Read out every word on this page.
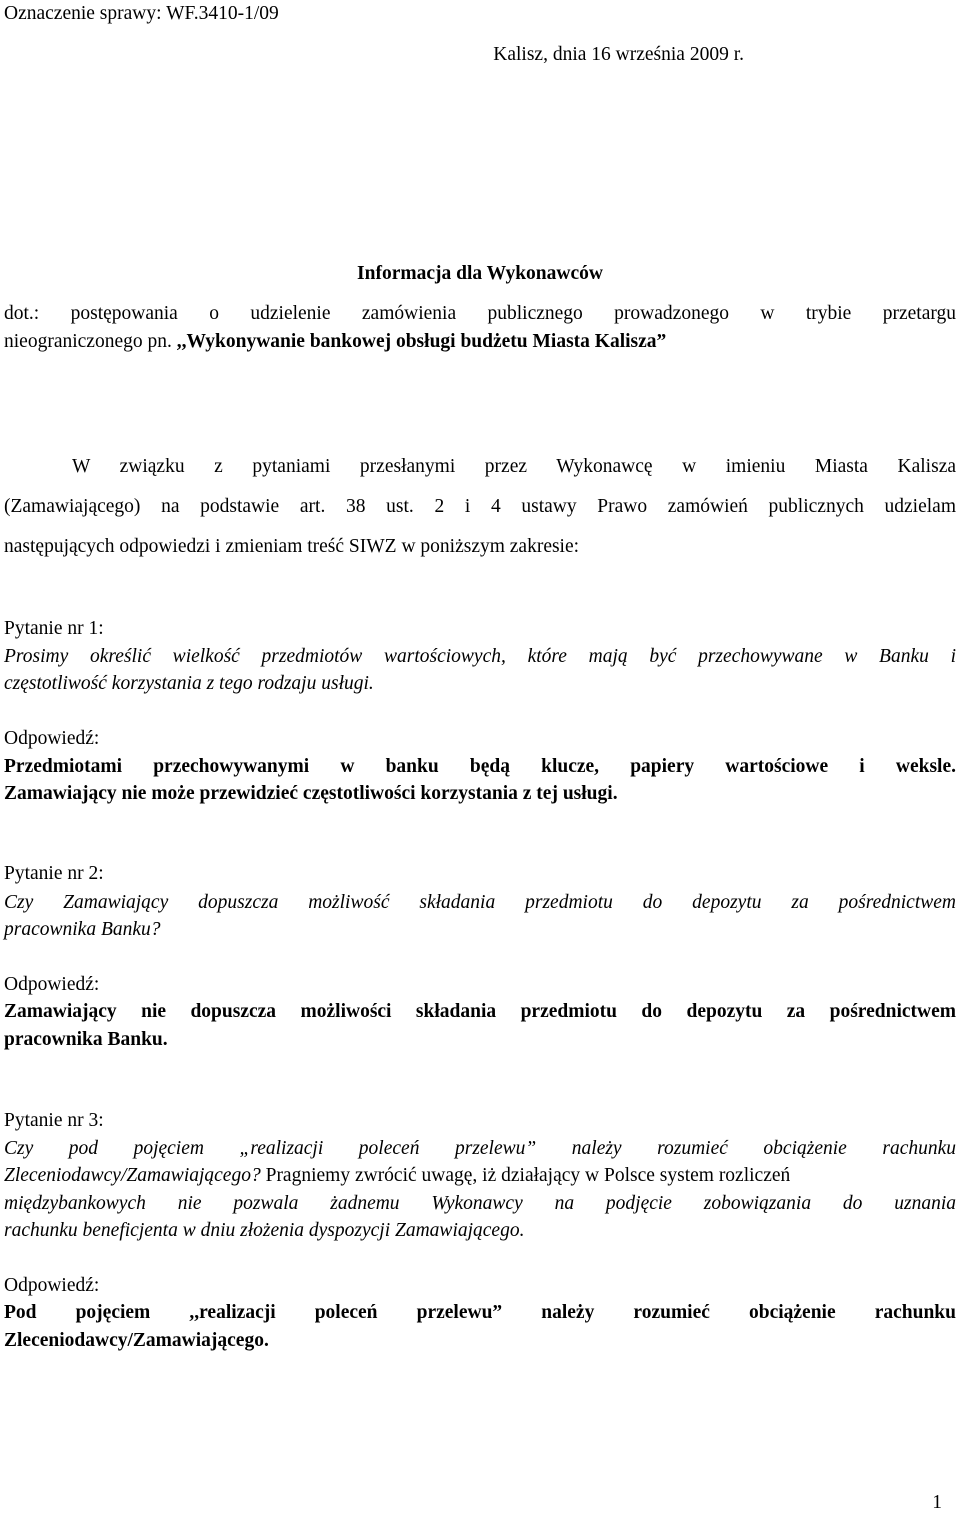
Oznaczenie sprawy: WF.3410-1/09
Kalisz, dnia 16 września 2009 r.
Informacja dla Wykonawców
dot.: postępowania o udzielenie zamówienia publicznego prowadzonego w trybie przetargu
nieograniczonego pn. ,,Wykonywanie bankowej obsługi budżetu Miasta Kalisza”
W związku z pytaniami przesłanymi przez Wykonawcę w imieniu Miasta Kalisza
(Zamawiającego) na podstawie art. 38 ust. 2 i 4 ustawy Prawo zamówień publicznych udzielam
następujących odpowiedzi i zmieniam treść SIWZ w poniższym zakresie:
Pytanie nr 1:
Prosimy określić wielkość przedmiotów wartościowych, które mają być przechowywane w Banku i
częstotliwość korzystania z tego rodzaju usługi.
Odpowiedź:
Przedmiotami przechowywanymi w banku będą klucze, papiery wartościowe i weksle.
Zamawiający nie może przewidzieć częstotliwości korzystania z tej usługi.
Pytanie nr 2:
Czy Zamawiający dopuszcza możliwość składania przedmiotu do depozytu za pośrednictwem
pracownika Banku?
Odpowiedź:
Zamawiający nie dopuszcza możliwości składania przedmiotu do depozytu za pośrednictwem
pracownika Banku.
Pytanie nr 3:
Czy pod pojęciem „realizacji poleceń przelewu” należy rozumieć obciążenie rachunku
Zleceniodawcy/Zamawiającego? Pragniemy zwrócić uwagę, iż działający w Polsce system rozliczeń
międzybankowych nie pozwala żadnemu Wykonawcy na podjęcie zobowiązania do uznania
rachunku beneficjenta w dniu złożenia dyspozycji Zamawiającego.
Odpowiedź:
Pod pojęciem ,,realizacji poleceń przelewu” należy rozumieć obciążenie rachunku
Zleceniodawcy/Zamawiającego.
1
